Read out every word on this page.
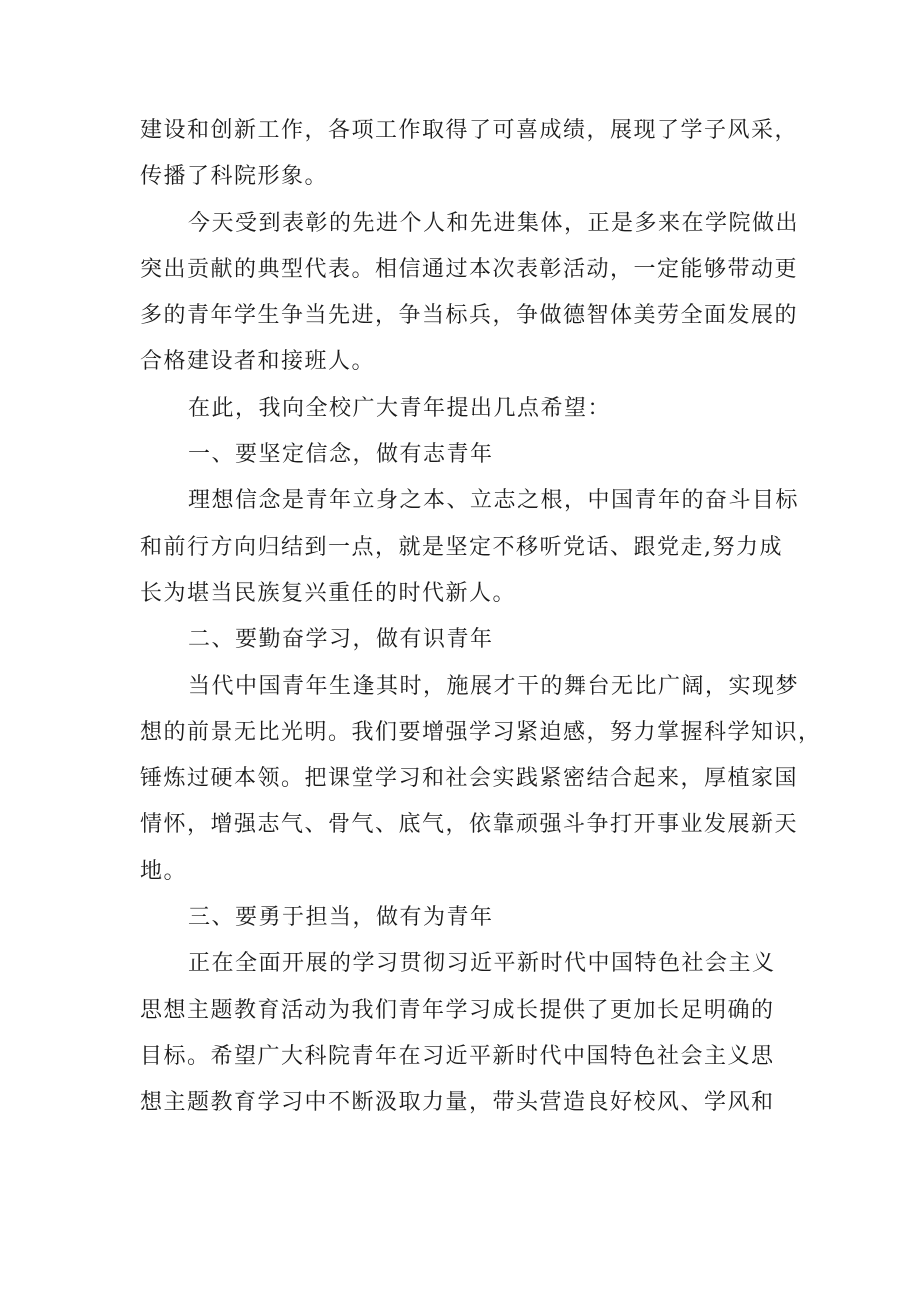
建设和创新工作，各项工作取得了可喜成绩，展现了学子风采，
传播了科院形象。
今天受到表彰的先进个人和先进集体，正是多来在学院做出
突出贡献的典型代表。相信通过本次表彰活动，一定能够带动更
多的青年学生争当先进，争当标兵，争做德智体美劳全面发展的
合格建设者和接班人。
在此，我向全校广大青年提出几点希望：
一、要坚定信念，做有志青年
理想信念是青年立身之本、立志之根，中国青年的奋斗目标
和前行方向归结到一点，就是坚定不移听党话、跟党走,努力成
长为堪当民族复兴重任的时代新人。
二、要勤奋学习，做有识青年
当代中国青年生逢其时，施展才干的舞台无比广阔，实现梦
想的前景无比光明。我们要增强学习紧迫感，努力掌握科学知识，
锤炼过硬本领。把课堂学习和社会实践紧密结合起来，厚植家国
情怀，增强志气、骨气、底气，依靠顽强斗争打开事业发展新天
地。
三、要勇于担当，做有为青年
正在全面开展的学习贯彻习近平新时代中国特色社会主义
思想主题教育活动为我们青年学习成长提供了更加长足明确的
目标。希望广大科院青年在习近平新时代中国特色社会主义思
想主题教育学习中不断汲取力量，带头营造良好校风、学风和
